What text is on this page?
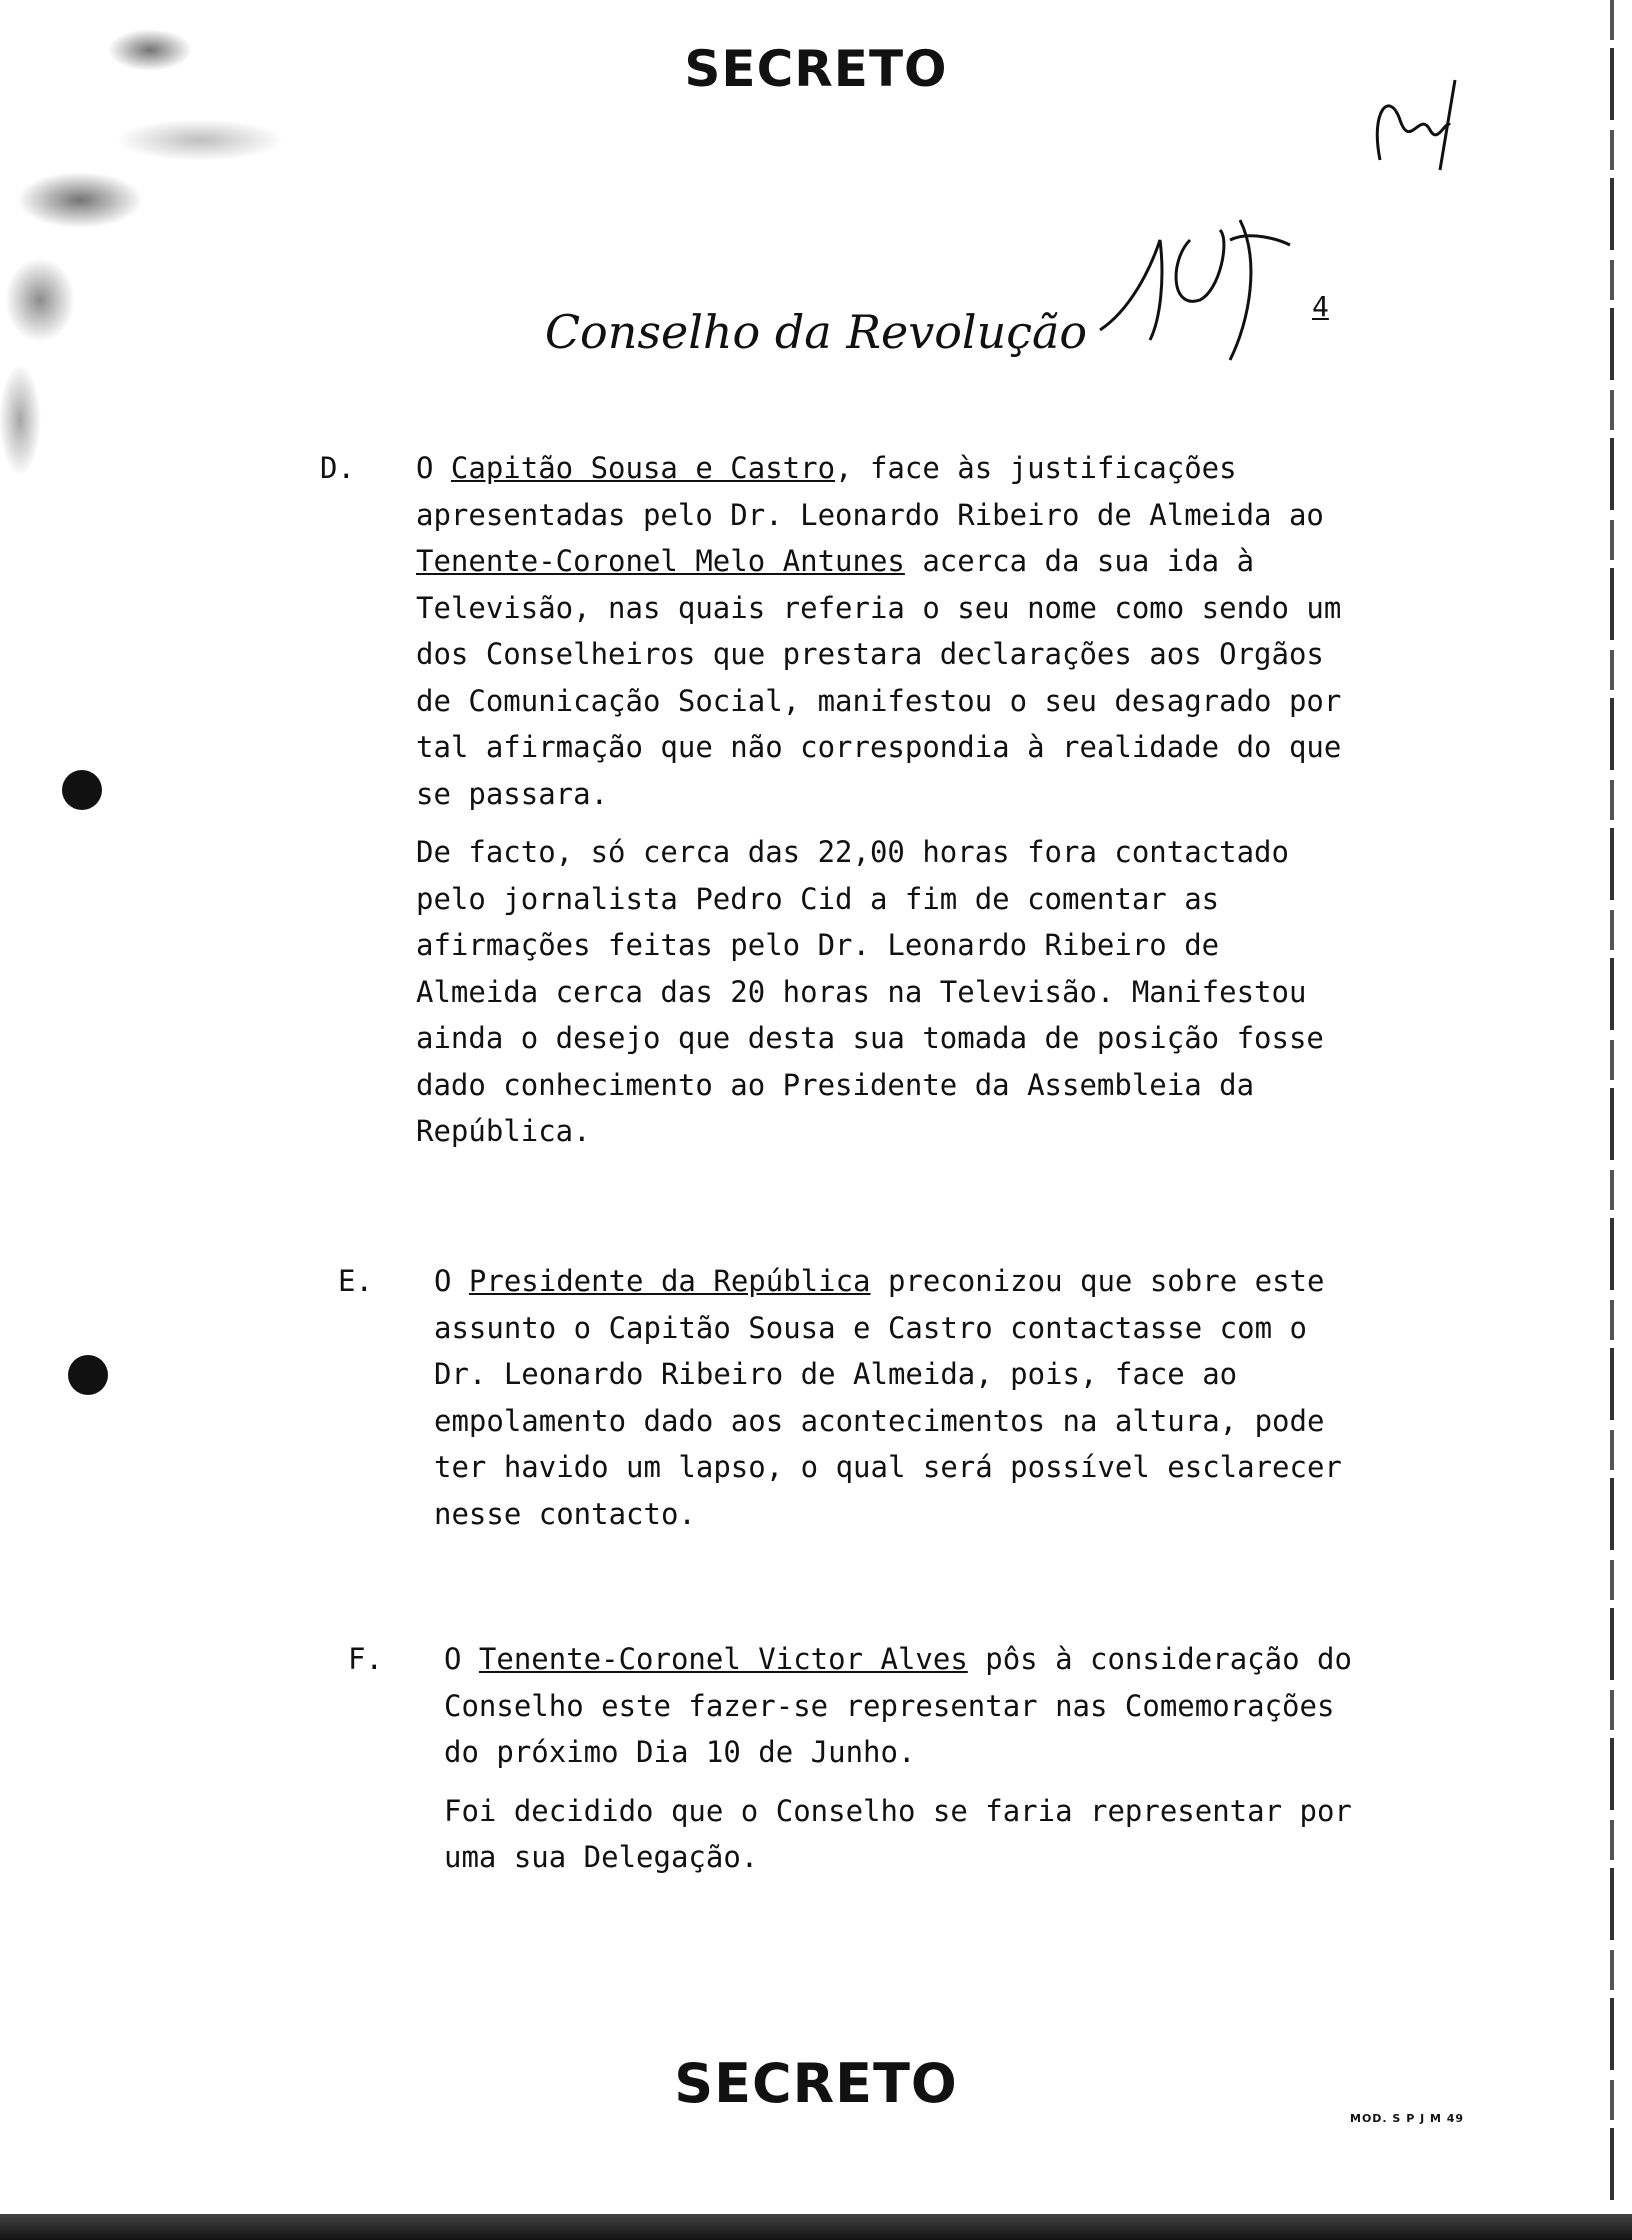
SECRETO
Conselho da Revolução	4
D. O Capitão Sousa e Castro, face às justificações apresentadas pelo Dr. Leonardo Ribeiro de Almeida ao Tenente-Coronel Melo Antunes acerca da sua ida à Televisão, nas quais referia o seu nome como sendo um dos Conselheiros que prestara declarações aos Orgãos de Comunicação Social, manifestou o seu desagrado por tal afirmação que não correspondia à realidade do que se passara.

De facto, só cerca das 22,00 horas fora contactado pelo jornalista Pedro Cid a fim de comentar as afirmações feitas pelo Dr. Leonardo Ribeiro de Almeida cerca das 20 horas na Televisão. Manifestou ainda o desejo que desta sua tomada de posição fosse dado conhecimento ao Presidente da Assembleia da República.

E. O Presidente da República preconizou que sobre este assunto o Capitão Sousa e Castro contactasse com o Dr. Leonardo Ribeiro de Almeida, pois, face ao empolamento dado aos acontecimentos na altura, pode ter havido um lapso, o qual será possível esclarecer nesse contacto.

F. O Tenente-Coronel Victor Alves pôs à consideração do Conselho este fazer-se representar nas Comemorações do próximo Dia 10 de Junho.

Foi decidido que o Conselho se faria representar por uma sua Delegação.

SECRETO
MOD. S P J M 49
